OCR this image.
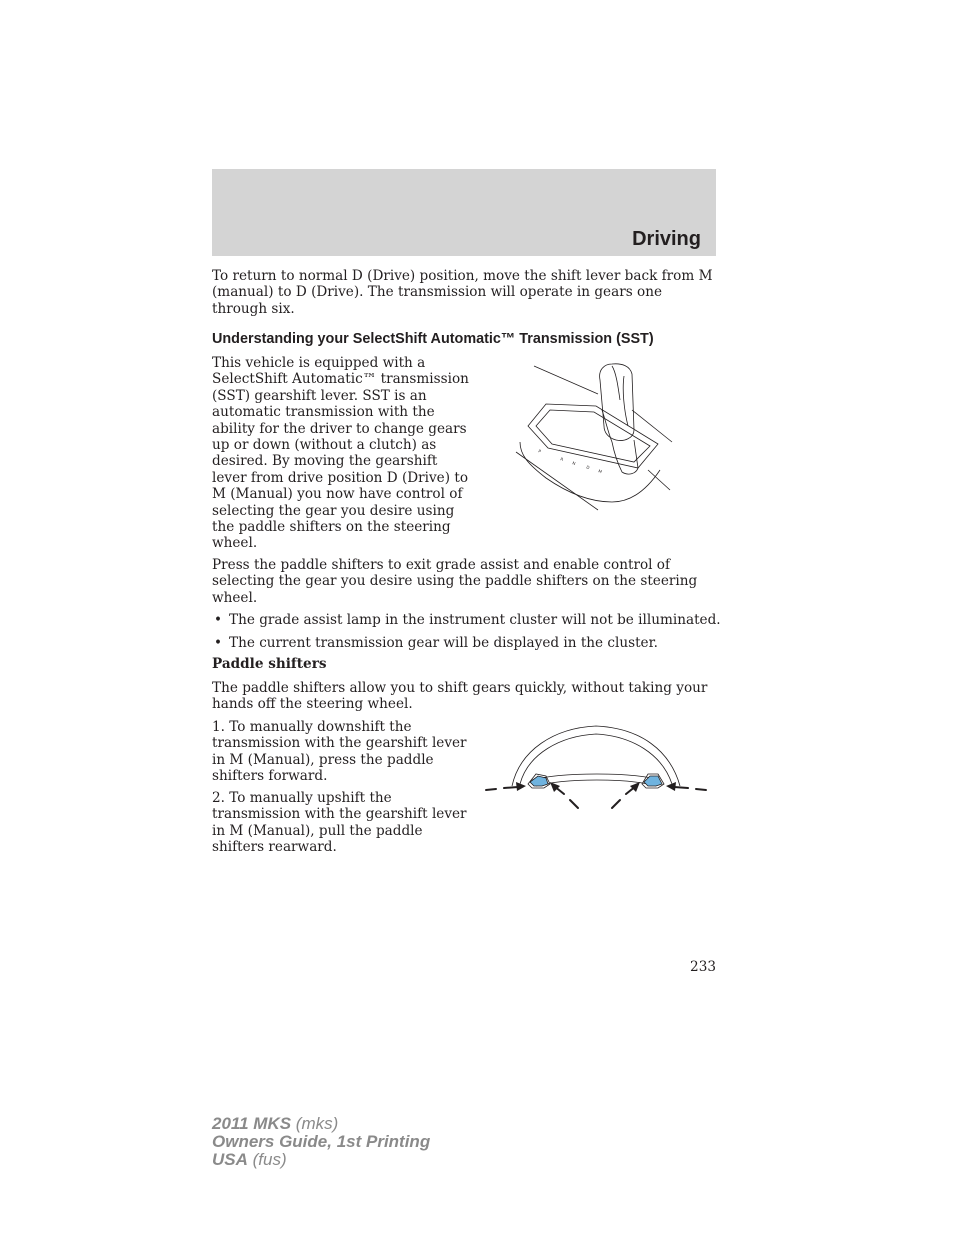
Driving

To return to normal D (Drive) position, move the shift lever back from M (manual) to D (Drive). The transmission will operate in gears one through six.

Understanding your SelectShift Automatic™ Transmission (SST)

This vehicle is equipped with a SelectShift Automatic™ transmission (SST) gearshift lever. SST is an automatic transmission with the ability for the driver to change gears up or down (without a clutch) as desired. By moving the gearshift lever from drive position D (Drive) to M (Manual) you now have control of selecting the gear you desire using the paddle shifters on the steering wheel.

P
R
N
D
M

Press the paddle shifters to exit grade assist and enable control of selecting the gear you desire using the paddle shifters on the steering wheel.

• The grade assist lamp in the instrument cluster will not be illuminated.
• The current transmission gear will be displayed in the cluster.
Paddle shifters

The paddle shifters allow you to shift gears quickly, without taking your hands off the steering wheel.

1. To manually downshift the transmission with the gearshift lever in M (Manual), press the paddle shifters forward.

2. To manually upshift the transmission with the gearshift lever in M (Manual), pull the paddle shifters rearward.

233
2011 MKS (mks)
Owners Guide, 1st Printing
USA (fus)
